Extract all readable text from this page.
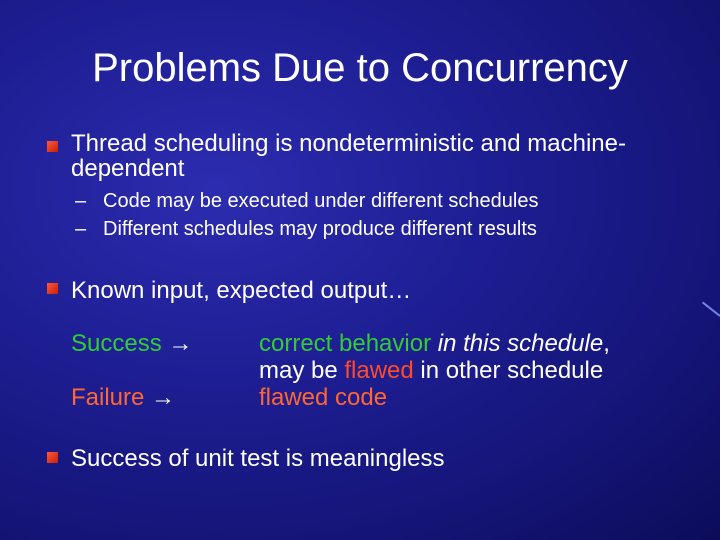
Problems Due to Concurrency
Thread scheduling is nondeterministic and machine-dependent
– Code may be executed under different schedules
– Different schedules may produce different results
Known input, expected output…
Success →
Failure →
correct behavior in this schedule,
may be flawed in other schedule
flawed code
Success of unit test is meaningless
